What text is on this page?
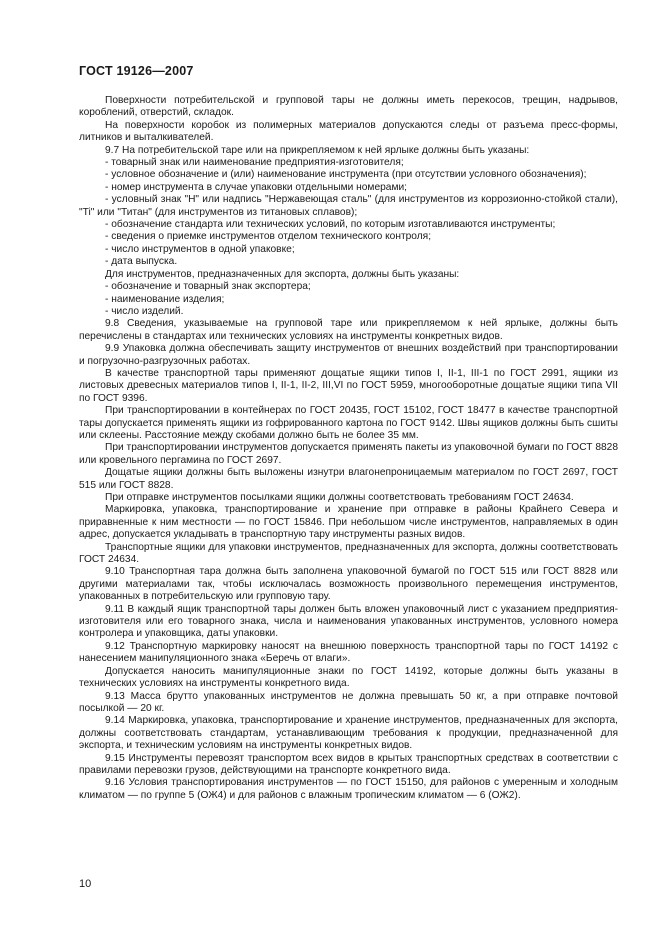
ГОСТ 19126—2007

Поверхности потребительской и групповой тары не должны иметь перекосов, трещин, надрывов, короблений, отверстий, складок.

На поверхности коробок из полимерных материалов допускаются следы от разъема пресс-формы, литников и выталкивателей.

9.7 На потребительской таре или на прикрепляемом к ней ярлыке должны быть указаны:

- товарный знак или наименование предприятия-изготовителя;

- условное обозначение и (или) наименование инструмента (при отсутствии условного обозначения);

- номер инструмента в случае упаковки отдельными номерами;

- условный знак "Н" или надпись "Нержавеющая сталь" (для инструментов из коррозионно-стойкой стали), "Ti" или "Титан" (для инструментов из титановых сплавов);

- обозначение стандарта или технических условий, по которым изготавливаются инструменты;

- сведения о приемке инструментов отделом технического контроля;

- число инструментов в одной упаковке;

- дата выпуска.

Для инструментов, предназначенных для экспорта, должны быть указаны:

- обозначение и товарный знак экспортера;

- наименование изделия;

- число изделий.

9.8 Сведения, указываемые на групповой таре или прикрепляемом к ней ярлыке, должны быть перечислены в стандартах или технических условиях на инструменты конкретных видов.

9.9 Упаковка должна обеспечивать защиту инструментов от внешних воздействий при транспортировании и погрузочно-разгрузочных работах.

В качестве транспортной тары применяют дощатые ящики типов I, II-1, III-1 по ГОСТ 2991, ящики из листовых древесных материалов типов I, II-1, II-2, III,VI по ГОСТ 5959, многооборотные дощатые ящики типа VII по ГОСТ 9396.

При транспортировании в контейнерах по ГОСТ 20435, ГОСТ 15102, ГОСТ 18477 в качестве транспортной тары допускается применять ящики из гофрированного картона по ГОСТ 9142. Швы ящиков должны быть сшиты или склеены. Расстояние между скобами должно быть не более 35 мм.

При транспортировании инструментов допускается применять пакеты из упаковочной бумаги по ГОСТ 8828 или кровельного пергамина по ГОСТ 2697.

Дощатые ящики должны быть выложены изнутри влагонепроницаемым материалом по ГОСТ 2697, ГОСТ 515 или ГОСТ 8828.

При отправке инструментов посылками ящики должны соответствовать требованиям ГОСТ 24634.

Маркировка, упаковка, транспортирование и хранение при отправке в районы Крайнего Севера и приравненные к ним местности — по ГОСТ 15846. При небольшом числе инструментов, направляемых в один адрес, допускается укладывать в транспортную тару инструменты разных видов.

Транспортные ящики для упаковки инструментов, предназначенных для экспорта, должны соответствовать ГОСТ 24634.

9.10 Транспортная тара должна быть заполнена упаковочной бумагой по ГОСТ 515 или ГОСТ 8828 или другими материалами так, чтобы исключалась возможность произвольного перемещения инструментов, упакованных в потребительскую или групповую тару.

9.11 В каждый ящик транспортной тары должен быть вложен упаковочный лист с указанием предприятия-изготовителя или его товарного знака, числа и наименования упакованных инструментов, условного номера контролера и упаковщика, даты упаковки.

9.12 Транспортную маркировку наносят на внешнюю поверхность транспортной тары по ГОСТ 14192 с нанесением манипуляционного знака «Беречь от влаги».

Допускается наносить манипуляционные знаки по ГОСТ 14192, которые должны быть указаны в технических условиях на инструменты конкретного вида.

9.13 Масса брутто упакованных инструментов не должна превышать 50 кг, а при отправке почтовой посылкой — 20 кг.

9.14 Маркировка, упаковка, транспортирование и хранение инструментов, предназначенных для экспорта, должны соответствовать стандартам, устанавливающим требования к продукции, предназначенной для экспорта, и техническим условиям на инструменты конкретных видов.

9.15 Инструменты перевозят транспортом всех видов в крытых транспортных средствах в соответствии с правилами перевозки грузов, действующими на транспорте конкретного вида.

9.16 Условия транспортирования инструментов — по ГОСТ 15150, для районов с умеренным и холодным климатом — по группе 5 (ОЖ4) и для районов с влажным тропическим климатом — 6 (ОЖ2).

10
